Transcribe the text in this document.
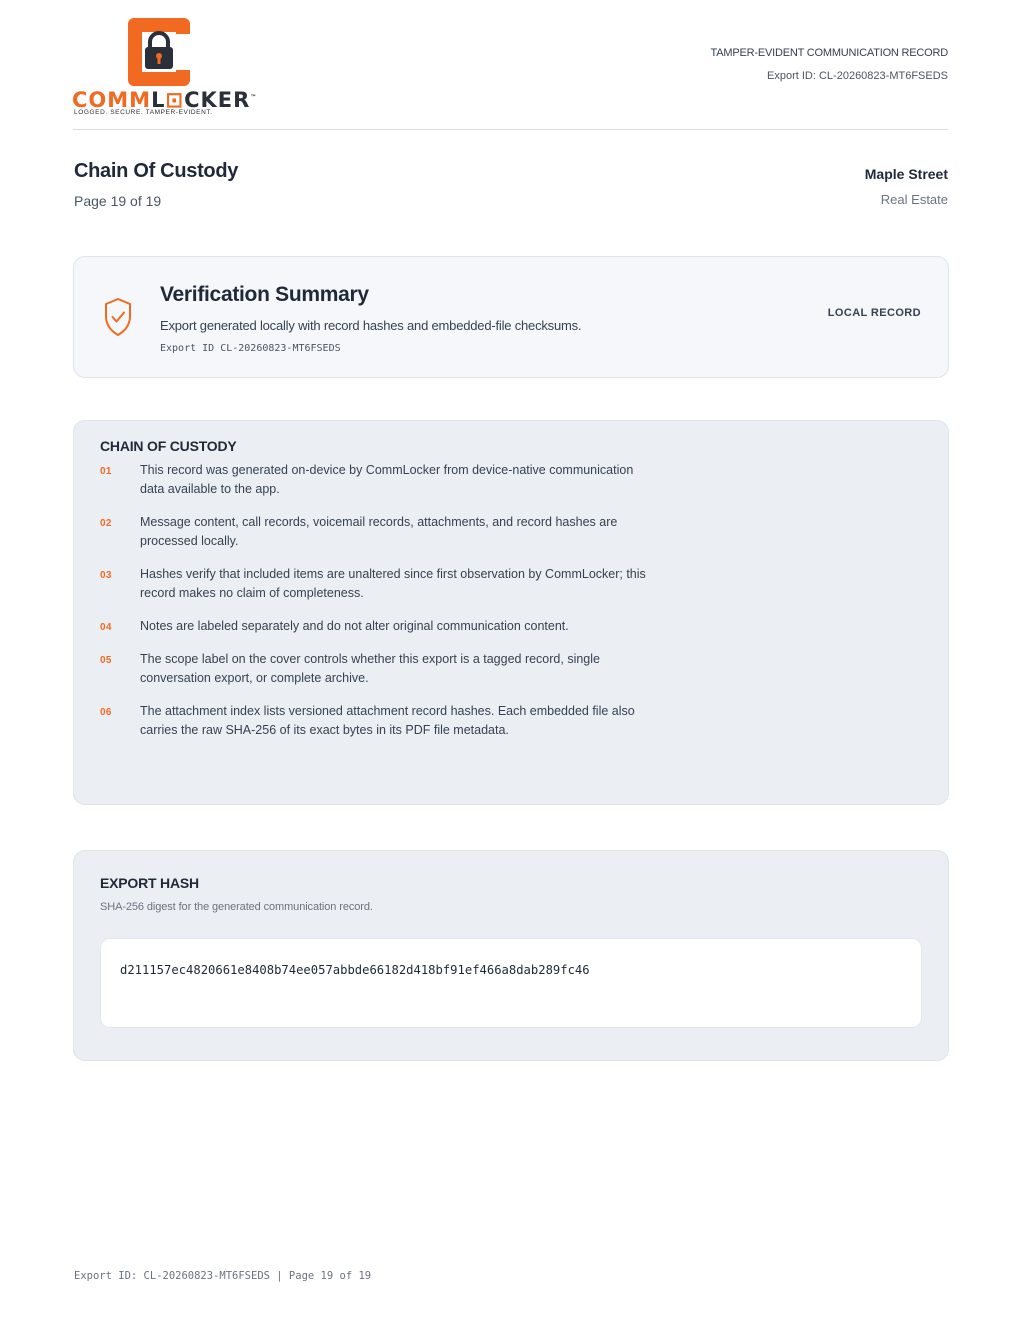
COMML⊡CKER™
LOGGED. SECURE. TAMPER-EVIDENT.
TAMPER-EVIDENT COMMUNICATION RECORD
Export ID: CL-20260823-MT6FSEDS
Chain Of Custody
Page 19 of 19
Maple Street
Real Estate
Verification Summary
Export generated locally with record hashes and embedded-file checksums.
Export ID CL-20260823-MT6FSEDS
LOCAL RECORD
CHAIN OF CUSTODY
01 This record was generated on-device by CommLocker from device-native communication data available to the app.
02 Message content, call records, voicemail records, attachments, and record hashes are processed locally.
03 Hashes verify that included items are unaltered since first observation by CommLocker; this record makes no claim of completeness.
04 Notes are labeled separately and do not alter original communication content.
05 The scope label on the cover controls whether this export is a tagged record, single conversation export, or complete archive.
06 The attachment index lists versioned attachment record hashes. Each embedded file also carries the raw SHA-256 of its exact bytes in its PDF file metadata.
EXPORT HASH
SHA-256 digest for the generated communication record.
d211157ec4820661e8408b74ee057abbde66182d418bf91ef466a8dab289fc46
Export ID: CL-20260823-MT6FSEDS | Page 19 of 19
